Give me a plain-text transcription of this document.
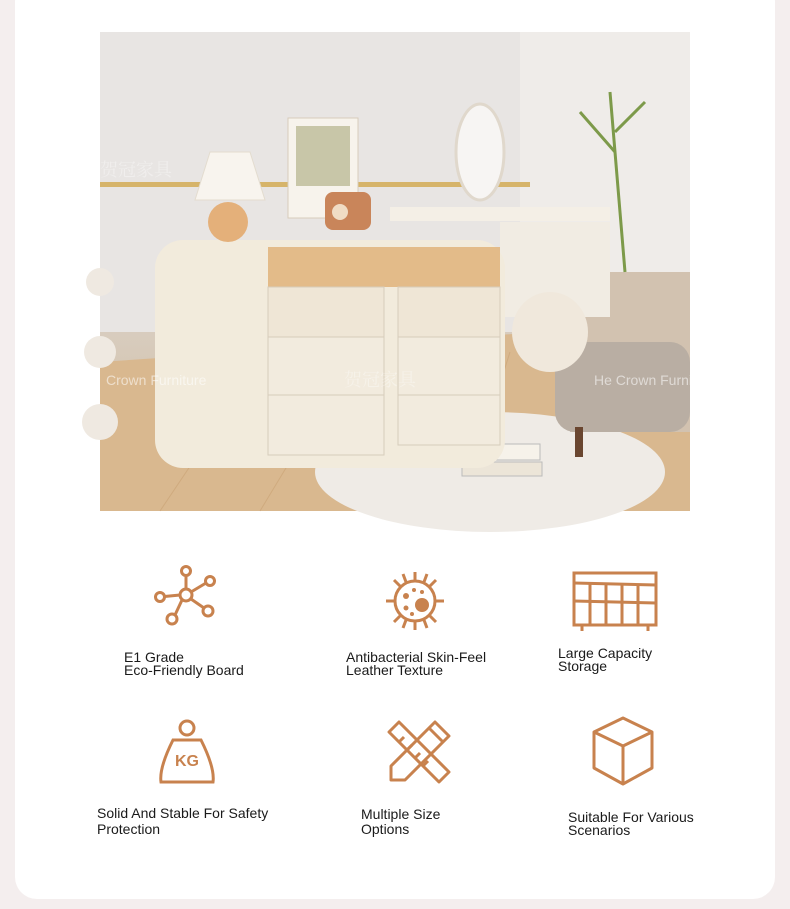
Crown Furniture	He Crown Furniture
贺冠家具
贺冠家具
E1 Grade
Eco-Friendly Board
Antibacterial Skin-Feel
Leather Texture
Large Capacity
Storage
KG
Solid And Stable For Safety
Protection
Multiple Size
Options
Suitable For Various
Scenarios
